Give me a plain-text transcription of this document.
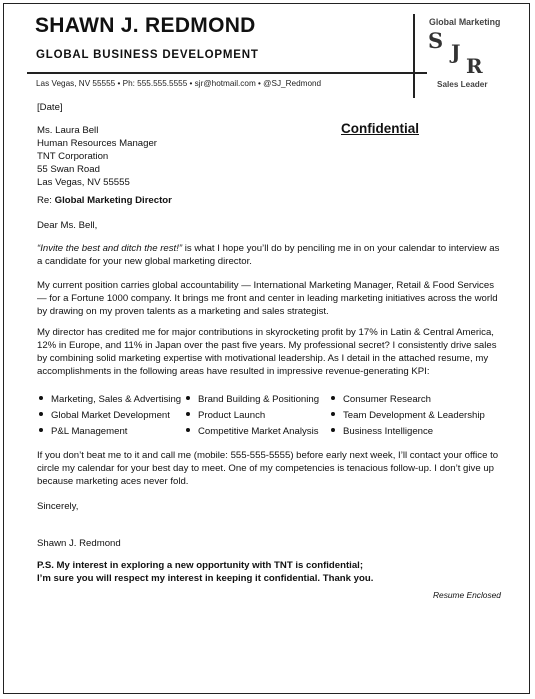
SHAWN J. REDMOND
GLOBAL BUSINESS DEVELOPMENT
Las Vegas, NV 55555 • Ph: 555.555.5555 • sjr@hotmail.com • @SJ_Redmond
Global Marketing
S J
R
Sales Leader
[Date]
Confidential
Ms. Laura Bell
Human Resources Manager
TNT Corporation
55 Swan Road
Las Vegas, NV 55555
Re: Global Marketing Director
Dear Ms. Bell,
“Invite the best and ditch the rest!” is what I hope you’ll do by penciling me in on your calendar to interview as a candidate for your new global marketing director.
My current position carries global accountability — International Marketing Manager, Retail & Food Services — for a Fortune 1000 company. It brings me front and center in leading marketing initiatives across the world by drawing on my proven talents as a marketing and sales strategist.
My director has credited me for major contributions in skyrocketing profit by 17% in Latin & Central America, 12% in Europe, and 11% in Japan over the past five years. My professional secret? I consistently drive sales by combining solid marketing expertise with motivational leadership. As I detail in the attached resume, my accomplishments in the following areas have resulted in impressive revenue-generating KPI:
Marketing, Sales & Advertising
Global Market Development
P&L Management
Brand Building & Positioning
Product Launch
Competitive Market Analysis
Consumer Research
Team Development & Leadership
Business Intelligence
If you don’t beat me to it and call me (mobile: 555-555-5555) before early next week, I’ll contact your office to circle my calendar for your best day to meet. One of my competencies is tenacious follow-up. I don’t give up because marketing aces never fold.
Sincerely,
Shawn J. Redmond
P.S. My interest in exploring a new opportunity with TNT is confidential;
I’m sure you will respect my interest in keeping it confidential. Thank you.
Resume Enclosed
